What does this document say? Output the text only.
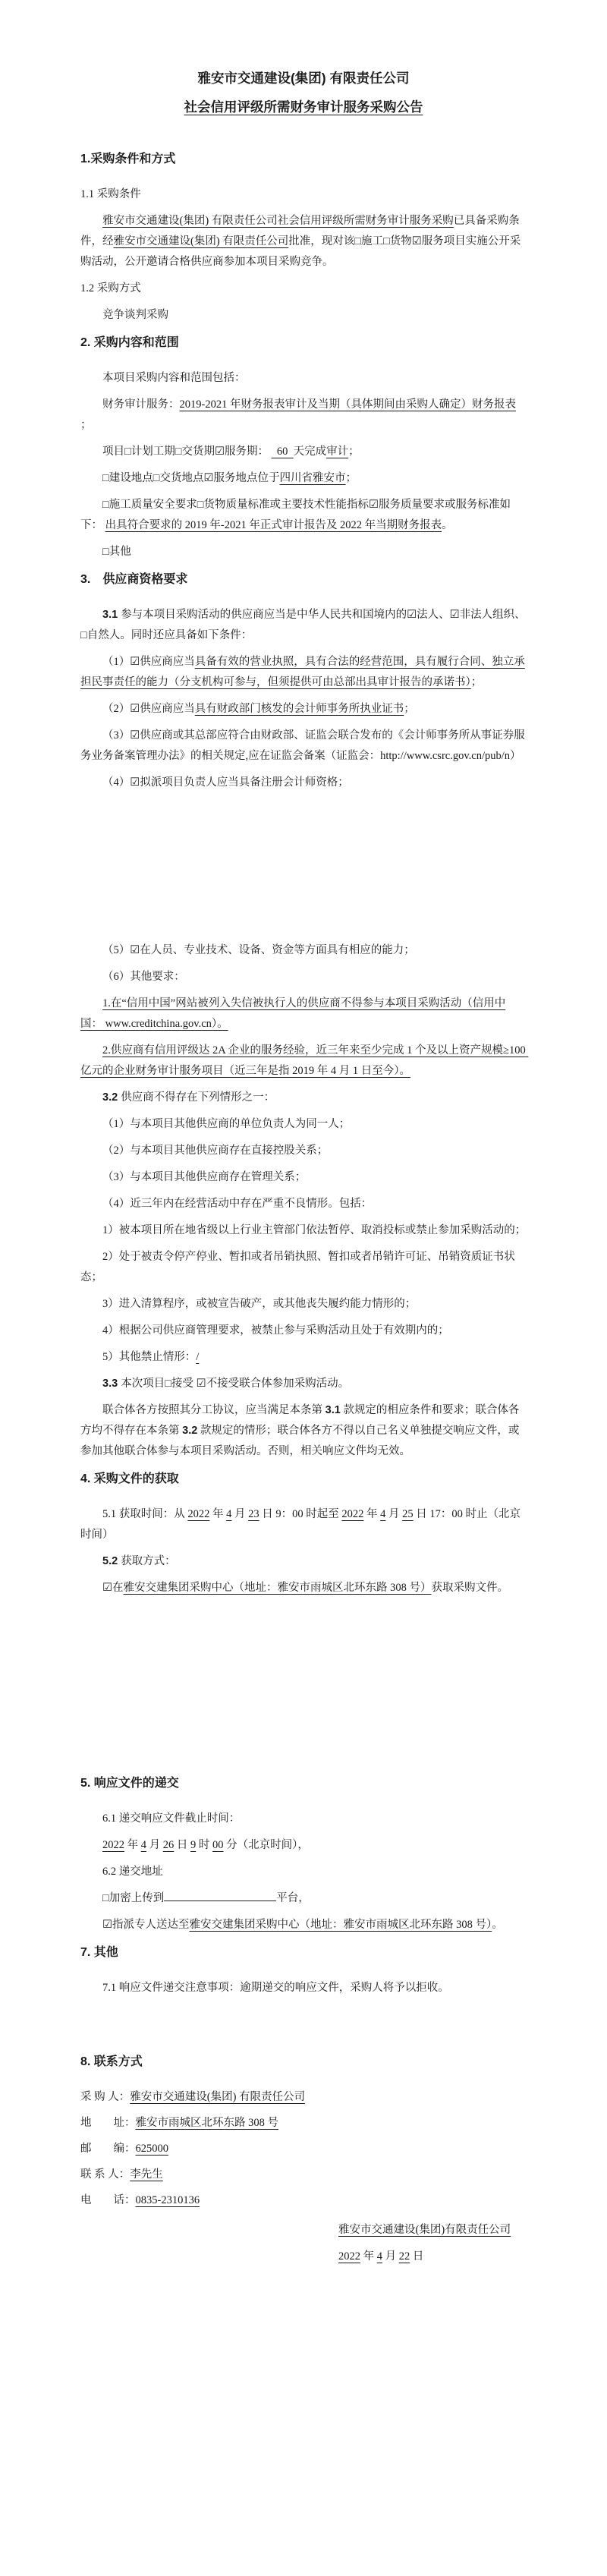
雅安市交通建设(集团) 有限责任公司

社会信用评级所需财务审计服务采购公告

1.采购条件和方式

1.1 采购条件

雅安市交通建设(集团) 有限责任公司社会信用评级所需财务审计服务采购已具备采购条件，经雅安市交通建设(集团) 有限责任公司批准，现对该□施工□货物☑服务项目实施公开采购活动，公开邀请合格供应商参加本项目采购竞争。

1.2 采购方式

竞争谈判采购

2. 采购内容和范围

本项目采购内容和范围包括：

财务审计服务：2019-2021 年财务报表审计及当期（具体期间由采购人确定）财务报表 ；

项目□计划工期□交货期☑服务期：   60  天完成审计；

□建设地点□交货地点☑服务地点位于四川省雅安市；

□施工质量安全要求□货物质量标准或主要技术性能指标☑服务质量要求或服务标准如下： 出具符合要求的 2019 年-2021 年正式审计报告及 2022 年当期财务报表。

□其他

3.　供应商资格要求

3.1 参与本项目采购活动的供应商应当是中华人民共和国境内的☑法人、☑非法人组织、□自然人。同时还应具备如下条件：

（1）☑供应商应当具备有效的营业执照，具有合法的经营范围，具有履行合同、独立承担民事责任的能力（分支机构可参与，但须提供可由总部出具审计报告的承诺书）；

（2）☑供应商应当具有财政部门核发的会计师事务所执业证书；

（3）☑供应商或其总部应符合由财政部、证监会联合发布的《会计师事务所从事证券服务业务备案管理办法》的相关规定,应在证监会备案（证监会：http://www.csrc.gov.cn/pub/n）

（4）☑拟派项目负责人应当具备注册会计师资格；

（5）☑在人员、专业技术、设备、资金等方面具有相应的能力；

（6）其他要求：

1.在“信用中国”网站被列入失信被执行人的供应商不得参与本项目采购活动（信用中国： www.creditchina.gov.cn）。

2.供应商有信用评级达 2A 企业的服务经验，近三年来至少完成 1 个及以上资产规模≥100 亿元的企业财务审计服务项目（近三年是指 2019 年 4 月 1 日至今）。

3.2 供应商不得存在下列情形之一：

（1）与本项目其他供应商的单位负责人为同一人；

（2）与本项目其他供应商存在直接控股关系；

（3）与本项目其他供应商存在管理关系；

（4）近三年内在经营活动中存在严重不良情形。包括：

1）被本项目所在地省级以上行业主管部门依法暂停、取消投标或禁止参加采购活动的；

2）处于被责令停产停业、暂扣或者吊销执照、暂扣或者吊销许可证、吊销资质证书状态；

3）进入清算程序，或被宣告破产，或其他丧失履约能力情形的；

4）根据公司供应商管理要求，被禁止参与采购活动且处于有效期内的；

5）其他禁止情形：/

3.3 本次项目□接受 ☑不接受联合体参加采购活动。

联合体各方按照其分工协议，应当满足本条第 3.1 款规定的相应条件和要求；联合体各方均不得存在本条第 3.2 款规定的情形；联合体各方不得以自己名义单独提交响应文件，或参加其他联合体参与本项目采购活动。否则，相关响应文件均无效。

4. 采购文件的获取

5.1 获取时间：从 2022 年 4 月 23 日 9：00 时起至 2022 年 4 月 25 日 17：00 时止（北京时间）

5.2 获取方式：

☑在雅安交建集团采购中心（地址：雅安市雨城区北环东路 308 号）获取采购文件。

5. 响应文件的递交

6.1 递交响应文件截止时间：

2022 年 4 月 26 日 9 时 00 分（北京时间），

6.2 递交地址

□加密上传到	平台，

☑指派专人送达至雅安交建集团采购中心（地址：雅安市雨城区北环东路 308 号）。

7. 其他

7.1 响应文件递交注意事项：逾期递交的响应文件，采购人将予以拒收。

8. 联系方式

采 购 人：雅安市交通建设(集团) 有限责任公司

地　　址：雅安市雨城区北环东路 308 号

邮　　编：625000

联 系 人：李先生

电　　话：0835-2310136

雅安市交通建设(集团)有限责任公司

2022 年 4 月 22 日
